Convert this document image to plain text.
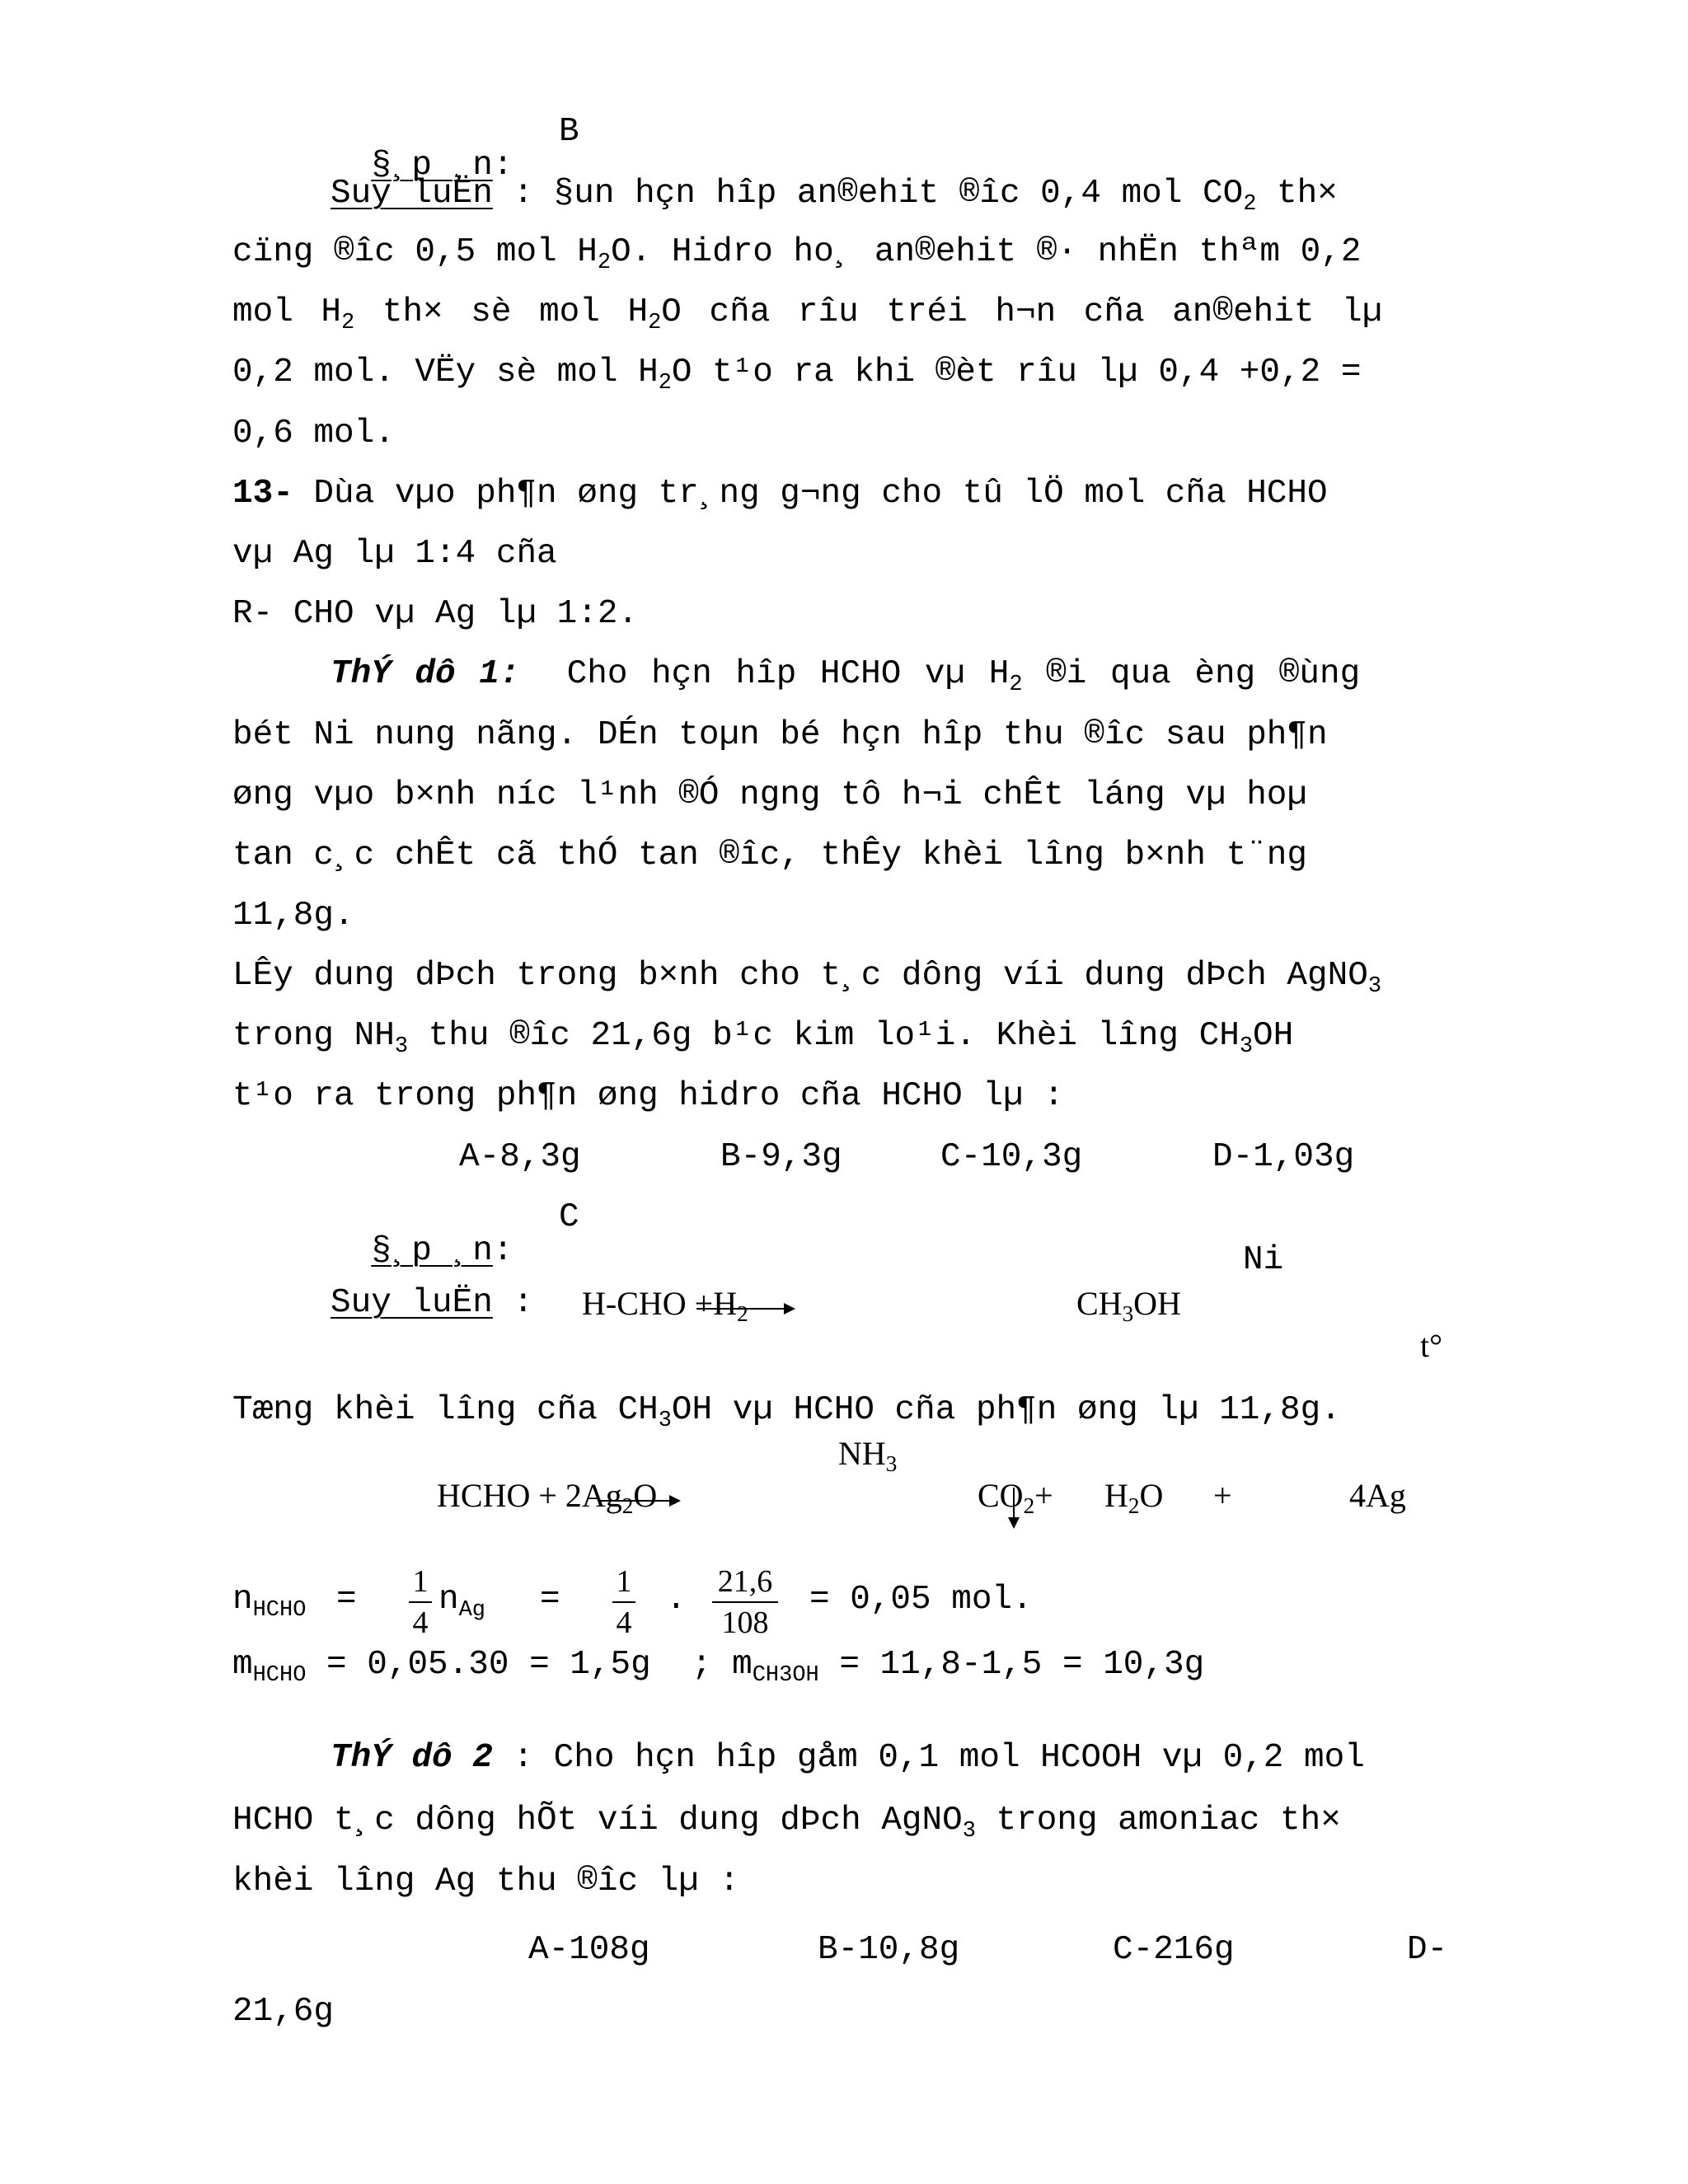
§¸p ¸n:

B
Suy luËn : §un hçn hîp an®ehit ®îc 0,4 mol $CO_2$ th×
cïng ®îc 0,5 mol $H_2O$. Hidro ho¸ an®ehit ®· nhËn thªm 0,2
mol $H_2$ th× sè mol $H_2O$ cña rîu tréi h¬n cña an®ehit lµ
0,2 mol. VËy sè mol $H_2O$ t¹o ra khi ®èt rîu lµ 0,4 +0,2 =
0,6 mol.
13- Dùa vµo ph¶n øng tr¸ng g¬ng cho tû lÖ mol cña HCHO
vµ Ag lµ 1:4 cña
R- CHO vµ Ag lµ 1:2.
ThÝ dô 1: Cho hçn hîp HCHO vµ $H_2$ ®i qua èng ®ùng
bét Ni nung nãng. DÉn toµn bé hçn hîp thu ®îc sau ph¶n
øng vµo b×nh níc l¹nh ®Ó ngng tô h¬i chÊt láng vµ hoµ
tan c¸c chÊt cã thÓ tan ®îc, thÊy khèi lîng b×nh t¨ng
11,8g.
LÊy dung dÞch trong b×nh cho t¸c dông víi dung dÞch AgNO$_3$
trong $NH_3$ thu ®îc 21,6g b¹c kim lo¹i. Khèi lîng $CH_3OH$
t¹o ra trong ph¶n øng hidro cña HCHO lµ :
A-8,3g	B-9,3g	C-10,3g	D-1,03g

§¸p ¸n:

C
Ni
Suy luËn : $H-CHO +H_2$	$CH_3OH$
t°
Tæng khèi lîng cña $CH_3OH$ vµ HCHO cña ph¶n øng lµ 11,8g.
$NH_3$
HCHO + $2Ag_2O$	$CO_2+ H_2O$ +	4Ag
$n_{HCHO} = 1$
4
$n_{Ag} = 1$
4
. 21,6
108
= 0,05 mol.
$m_{HCHO} = 0,05.30 = 1,5g$  ; $m_{CH3OH} = 11,8-1,5 = 10,3g$
ThÝ dô 2 : Cho hçn hîp gåm 0,1 mol HCOOH vµ 0,2 mol
HCHO t¸c dông hÕt víi dung dÞch AgNO$_3$ trong amoniac th×
khèi lîng Ag thu ®îc lµ :
A-108g	B-10,8g	C-216g	D-
21,6g
